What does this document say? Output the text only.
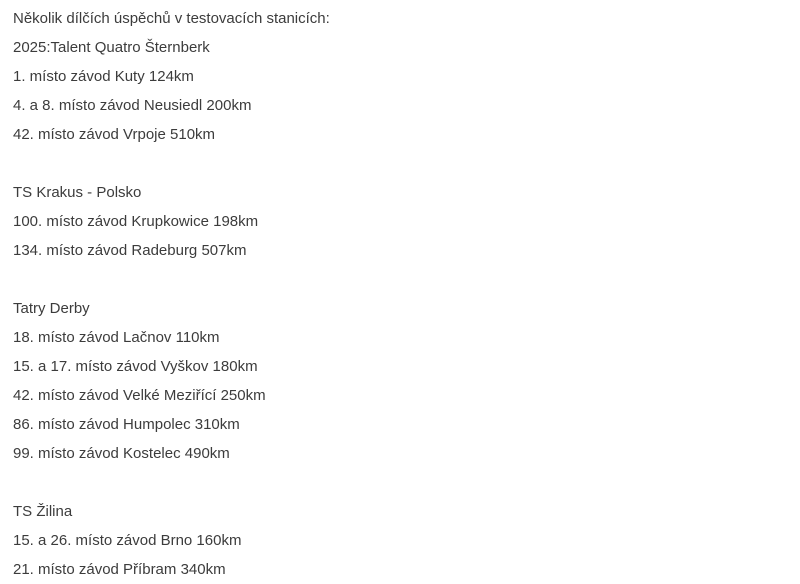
Několik dílčích úspěchů v testovacích stanicích:

2025:Talent Quatro Šternberk

1. místo závod Kuty 124km

4. a 8. místo závod Neusiedl 200km

42. místo závod Vrpoje 510km

TS Krakus - Polsko

100. místo závod Krupkowice 198km

134. místo závod Radeburg 507km

Tatry Derby

18. místo závod Lačnov 110km

15. a 17. místo závod Vyškov 180km

42. místo závod Velké Meziřící 250km

86. místo závod Humpolec 310km

99. místo závod Kostelec 490km

TS Žilina

15. a 26. místo závod Brno 160km

21. místo závod Příbram 340km
